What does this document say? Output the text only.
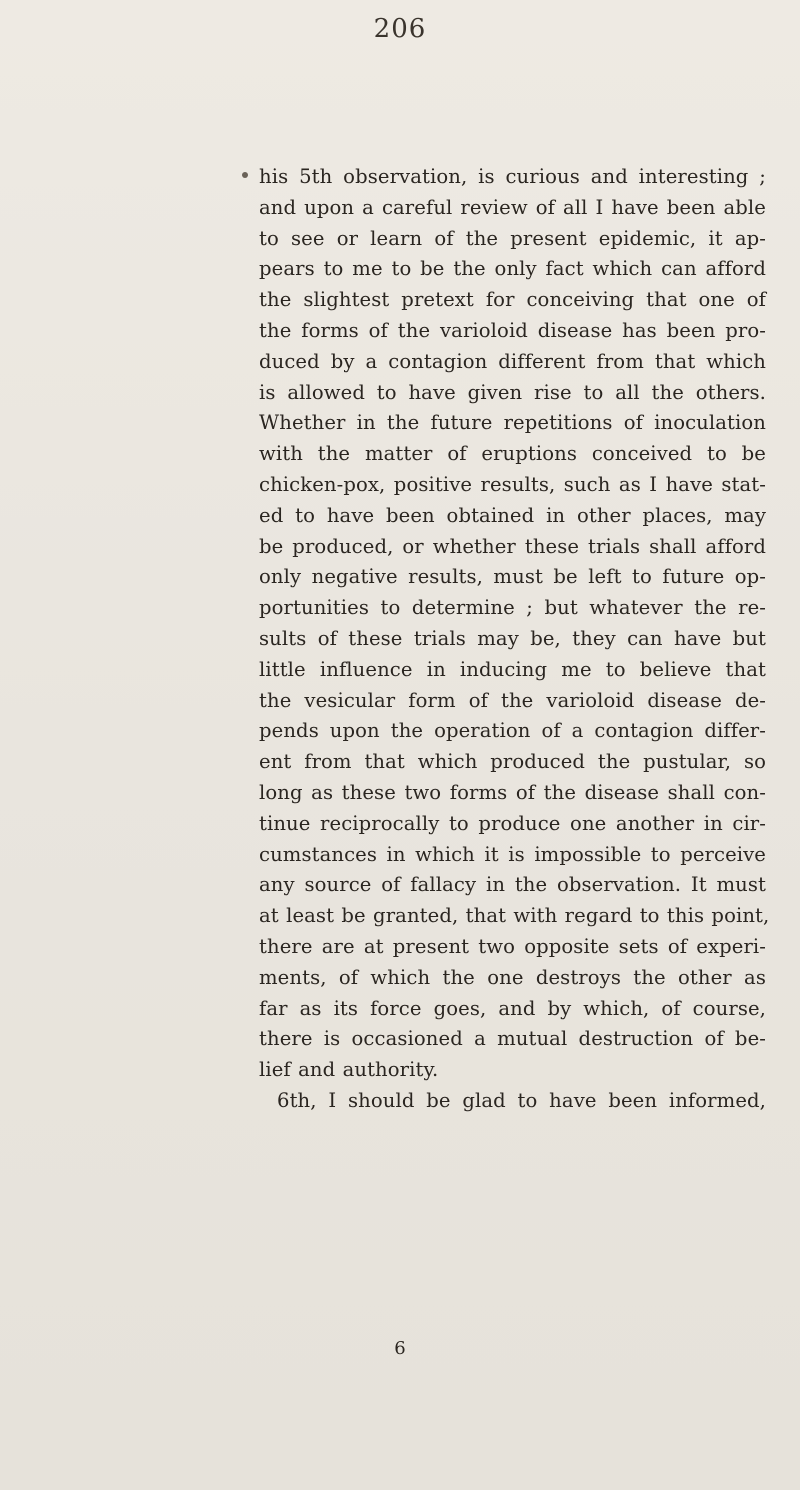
206
his 5th observation, is curious and interesting ;
and upon a careful review of all I have been able
to see or learn of the present epidemic, it ap-
pears to me to be the only fact which can afford
the slightest pretext for conceiving that one of
the forms of the varioloid disease has been pro-
duced by a contagion different from that which
is allowed to have given rise to all the others.
Whether in the future repetitions of inoculation
with the matter of eruptions conceived to be
chicken-pox, positive results, such as I have stat-
ed to have been obtained in other places, may
be produced, or whether these trials shall afford
only negative results, must be left to future op-
portunities to determine ; but whatever the re-
sults of these trials may be, they can have but
little influence in inducing me to believe that
the vesicular form of the varioloid disease de-
pends upon the operation of a contagion differ-
ent from that which produced the pustular, so
long as these two forms of the disease shall con-
tinue reciprocally to produce one another in cir-
cumstances in which it is impossible to perceive
any source of fallacy in the observation. It must
at least be granted, that with regard to this point,
there are at present two opposite sets of experi-
ments, of which the one destroys the other as
far as its force goes, and by which, of course,
there is occasioned a mutual destruction of be-
lief and authority.
6th, I should be glad to have been informed,
6
